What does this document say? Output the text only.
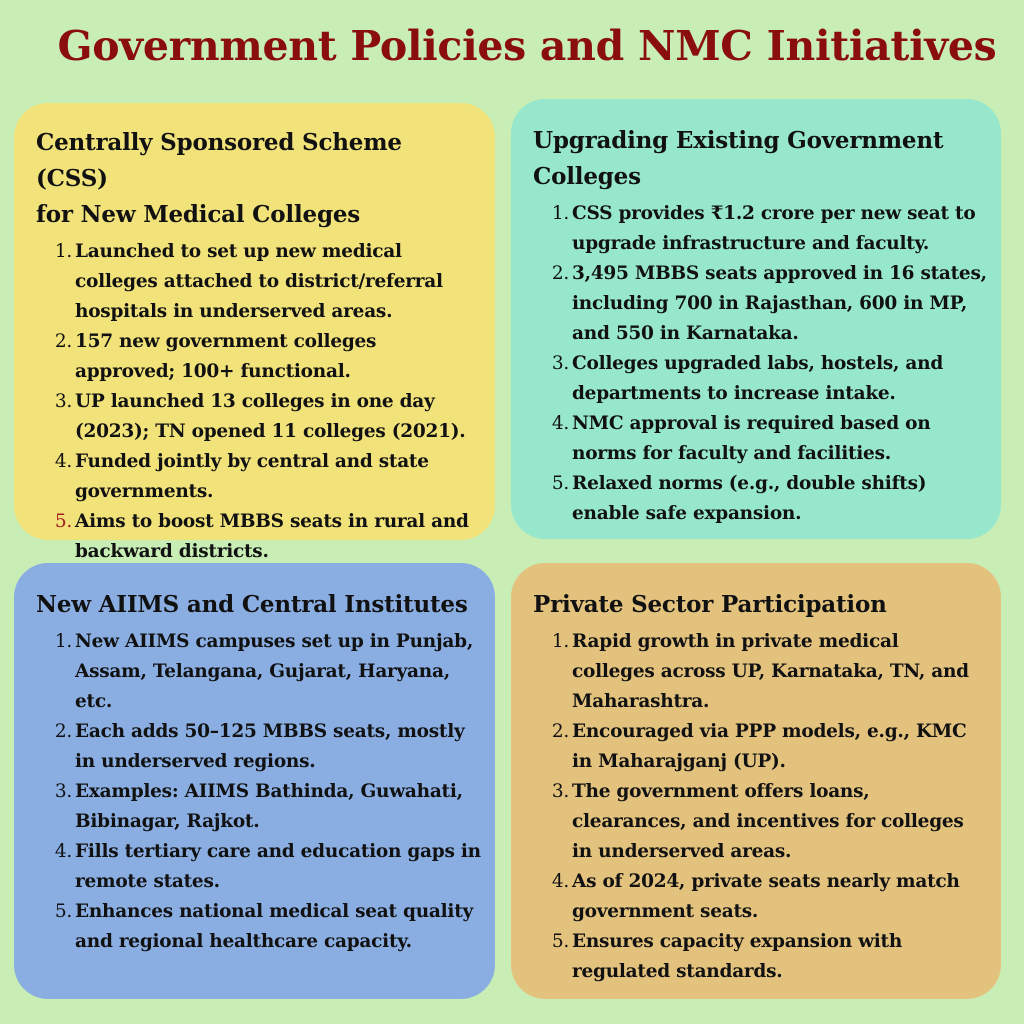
Government Policies and NMC Initiatives
Centrally Sponsored Scheme (CSS)
for New Medical Colleges
1. Launched to set up new medical colleges attached to district/referral hospitals in underserved areas.
2. 157 new government colleges approved; 100+ functional.
3. UP launched 13 colleges in one day (2023); TN opened 11 colleges (2021).
4. Funded jointly by central and state governments.
5. Aims to boost MBBS seats in rural and backward districts.
Upgrading Existing Government
Colleges
1. CSS provides ₹1.2 crore per new seat to upgrade infrastructure and faculty.
2. 3,495 MBBS seats approved in 16 states, including 700 in Rajasthan, 600 in MP, and 550 in Karnataka.
3. Colleges upgraded labs, hostels, and departments to increase intake.
4. NMC approval is required based on norms for faculty and facilities.
5. Relaxed norms (e.g., double shifts) enable safe expansion.
New AIIMS and Central Institutes
1. New AIIMS campuses set up in Punjab, Assam, Telangana, Gujarat, Haryana, etc.
2. Each adds 50–125 MBBS seats, mostly in underserved regions.
3. Examples: AIIMS Bathinda, Guwahati, Bibinagar, Rajkot.
4. Fills tertiary care and education gaps in remote states.
5. Enhances national medical seat quality and regional healthcare capacity.
Private Sector Participation
1. Rapid growth in private medical colleges across UP, Karnataka, TN, and Maharashtra.
2. Encouraged via PPP models, e.g., KMC in Maharajganj (UP).
3. The government offers loans, clearances, and incentives for colleges in underserved areas.
4. As of 2024, private seats nearly match government seats.
5. Ensures capacity expansion with regulated standards.
